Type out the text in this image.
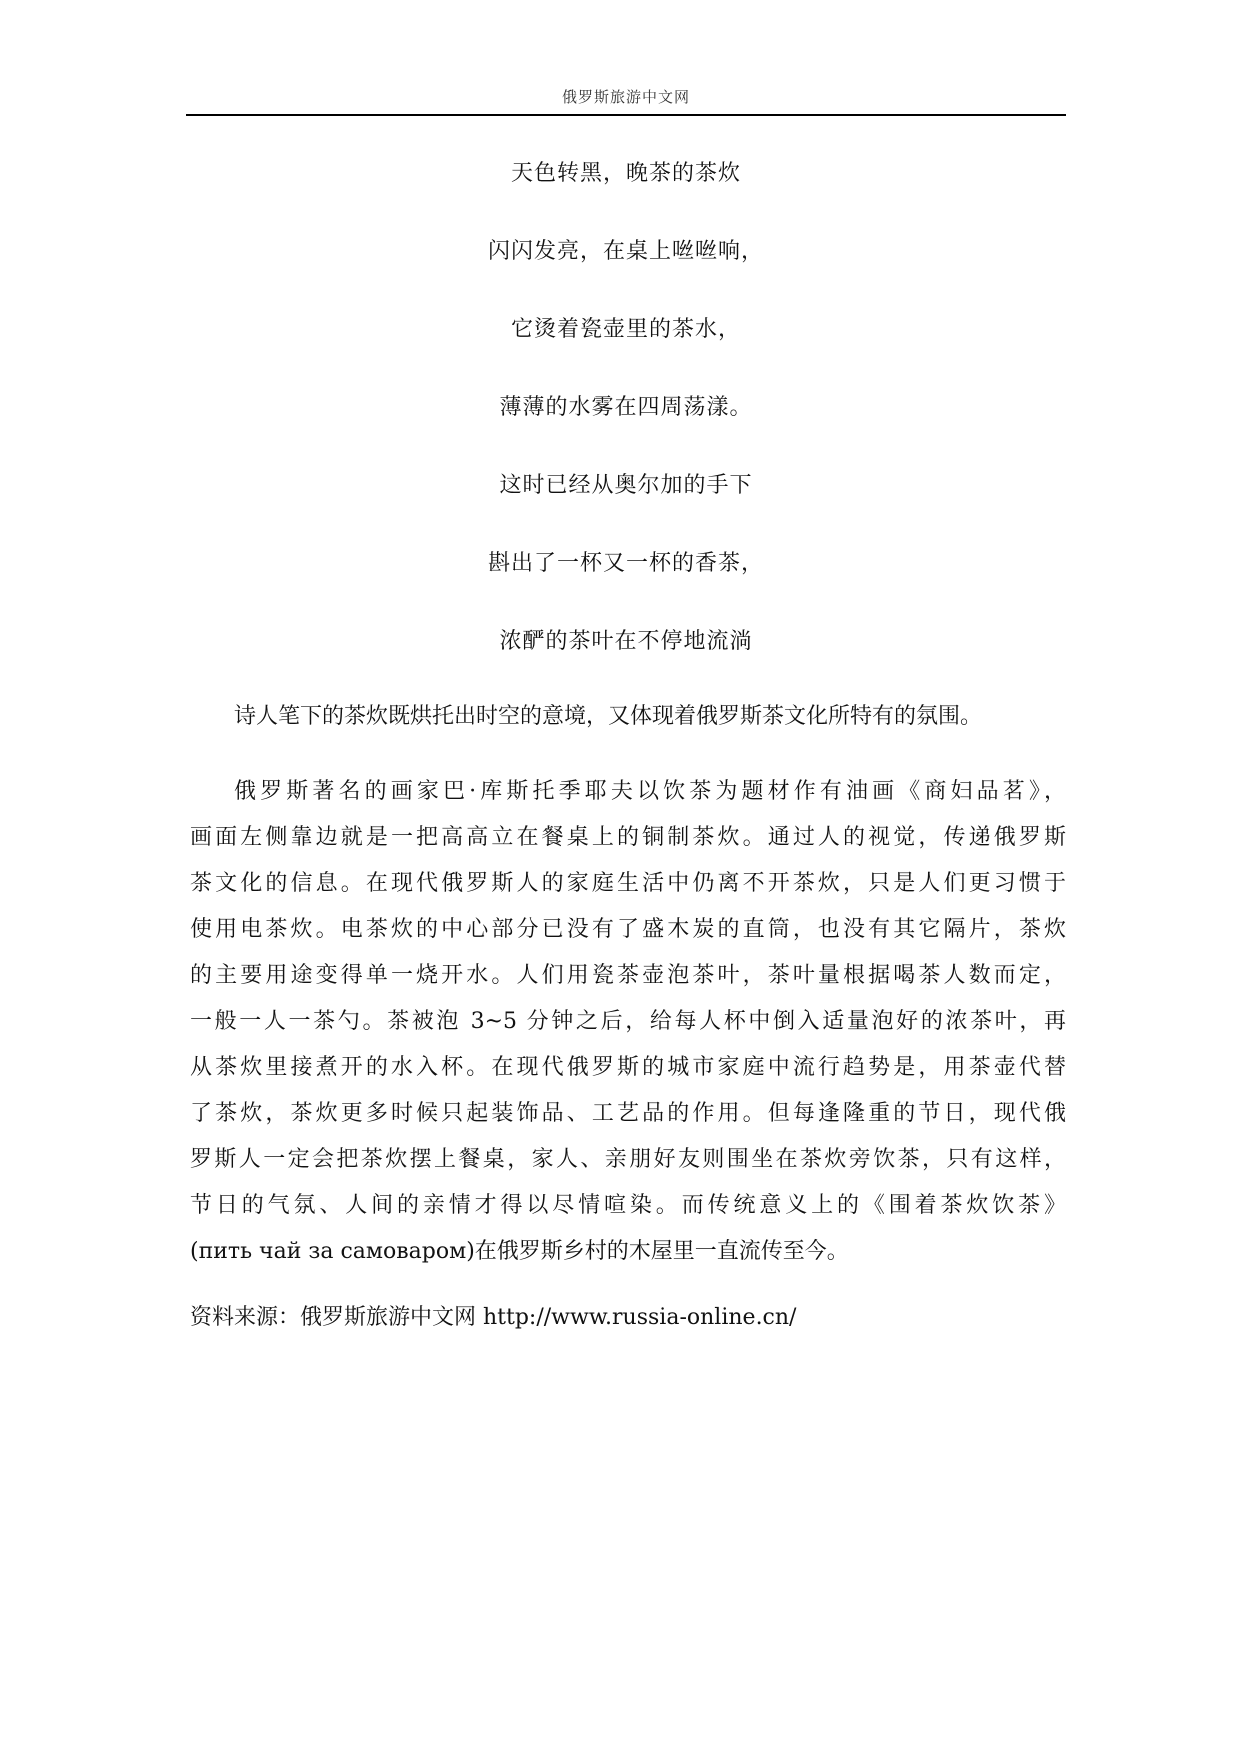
俄罗斯旅游中文网
天色转黑，晚茶的茶炊
闪闪发亮，在桌上咝咝响，
它烫着瓷壶里的茶水，
薄薄的水雾在四周荡漾。
这时已经从奥尔加的手下
斟出了一杯又一杯的香茶，
浓酽的茶叶在不停地流淌

诗人笔下的茶炊既烘托出时空的意境，又体现着俄罗斯茶文化所特有的氛围。

俄罗斯著名的画家巴·库斯托季耶夫以饮茶为题材作有油画《商妇品茗》，
画面左侧靠边就是一把高高立在餐桌上的铜制茶炊。通过人的视觉，传递俄罗斯
茶文化的信息。在现代俄罗斯人的家庭生活中仍离不开茶炊，只是人们更习惯于
使用电茶炊。电茶炊的中心部分已没有了盛木炭的直筒，也没有其它隔片，茶炊
的主要用途变得单一烧开水。人们用瓷茶壶泡茶叶，茶叶量根据喝茶人数而定，
一般一人一茶勺。茶被泡 3~5 分钟之后，给每人杯中倒入适量泡好的浓茶叶，再
从茶炊里接煮开的水入杯。在现代俄罗斯的城市家庭中流行趋势是，用茶壶代替
了茶炊，茶炊更多时候只起装饰品、工艺品的作用。但每逢隆重的节日，现代俄
罗斯人一定会把茶炊摆上餐桌，家人、亲朋好友则围坐在茶炊旁饮茶，只有这样，
节日的气氛、人间的亲情才得以尽情喧染。而传统意义上的《围着茶炊饮茶》
(пить чай за самоваром)在俄罗斯乡村的木屋里一直流传至今。

资料来源：俄罗斯旅游中文网 http://www.russia-online.cn/
